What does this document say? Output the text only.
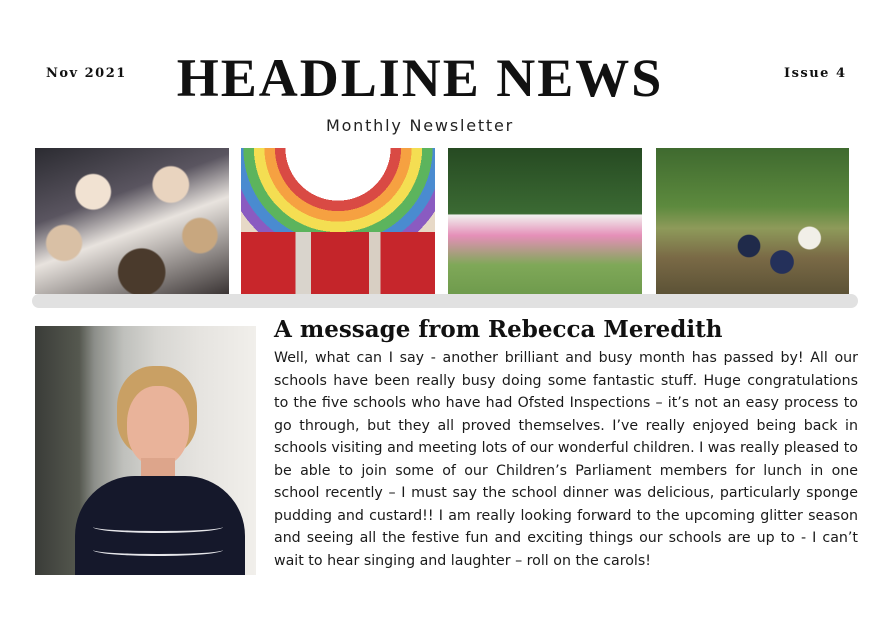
Nov 2021 HEADLINE NEWS	Issue 4
Monthly Newsletter
A message from Rebecca Meredith

Well, what can I say - another brilliant and busy month has passed by! All our schools have been really busy doing some fantastic stuff. Huge congratulations to the five schools who have had Ofsted Inspections – it’s not an easy process to go through, but they all proved themselves. I’ve really enjoyed being back in schools visiting and meeting lots of our wonderful children. I was really pleased to be able to join some of our Children’s Parliament members for lunch in one school recently – I must say the school dinner was delicious, particularly sponge pudding and custard!! I am really looking forward to the upcoming glitter season and seeing all the festive fun and exciting things our schools are up to - I can’t wait to hear singing and laughter – roll on the carols!
